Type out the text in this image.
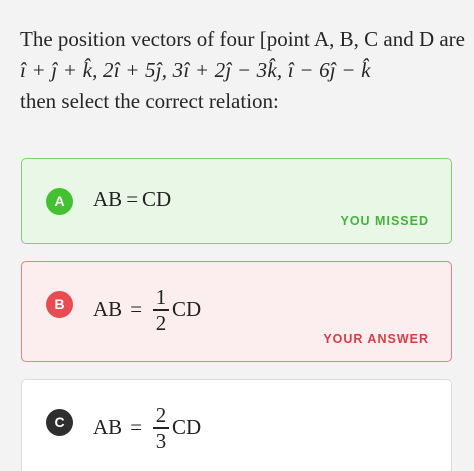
The position vectors of four [point A, B, C and D are
î + ĵ + k̂, 2î + 5ĵ, 3î + 2ĵ − 3k̂, î − 6ĵ − k̂
then select the correct relation:
A	AB = CD
YOU MISSED
B	AB = $\frac{1}{2}$ CD
YOUR ANSWER
C	AB = $\frac{2}{3}$ CD
